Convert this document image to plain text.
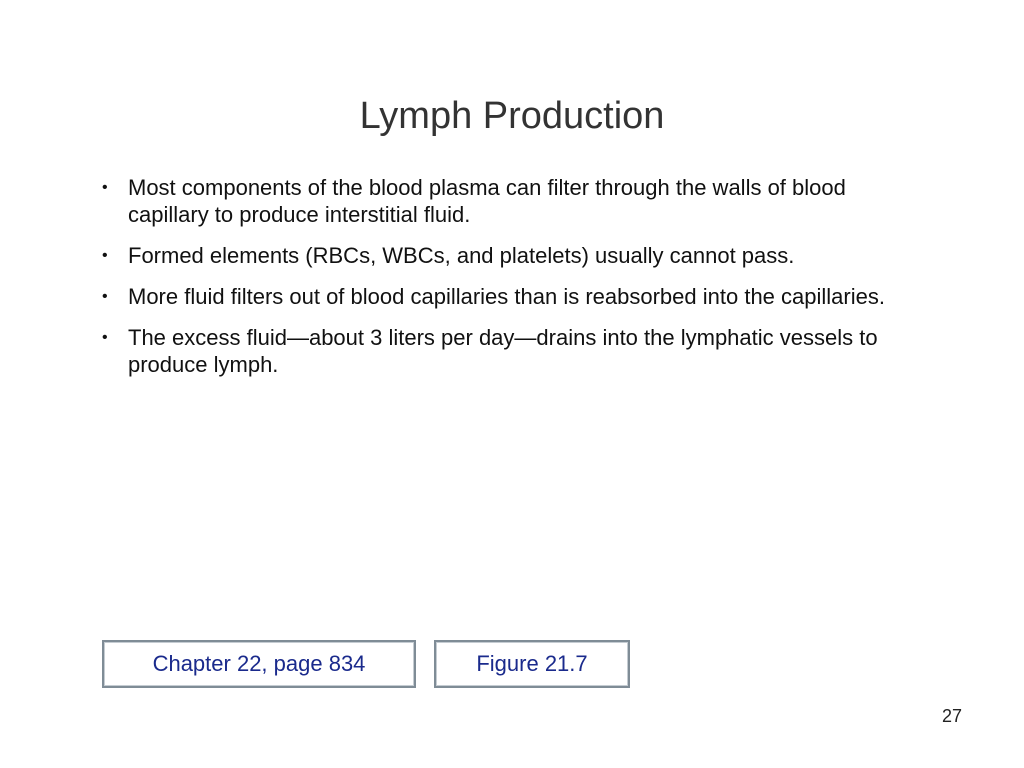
Lymph Production
• Most components of the blood plasma can filter through the walls of blood capillary to produce interstitial fluid.
• Formed elements (RBCs, WBCs, and platelets) usually cannot pass.
• More fluid filters out of blood capillaries than is reabsorbed into the capillaries.
• The excess fluid—about 3 liters per day—drains into the lymphatic vessels to produce lymph.
Chapter 22, page 834	Figure 21.7
27
